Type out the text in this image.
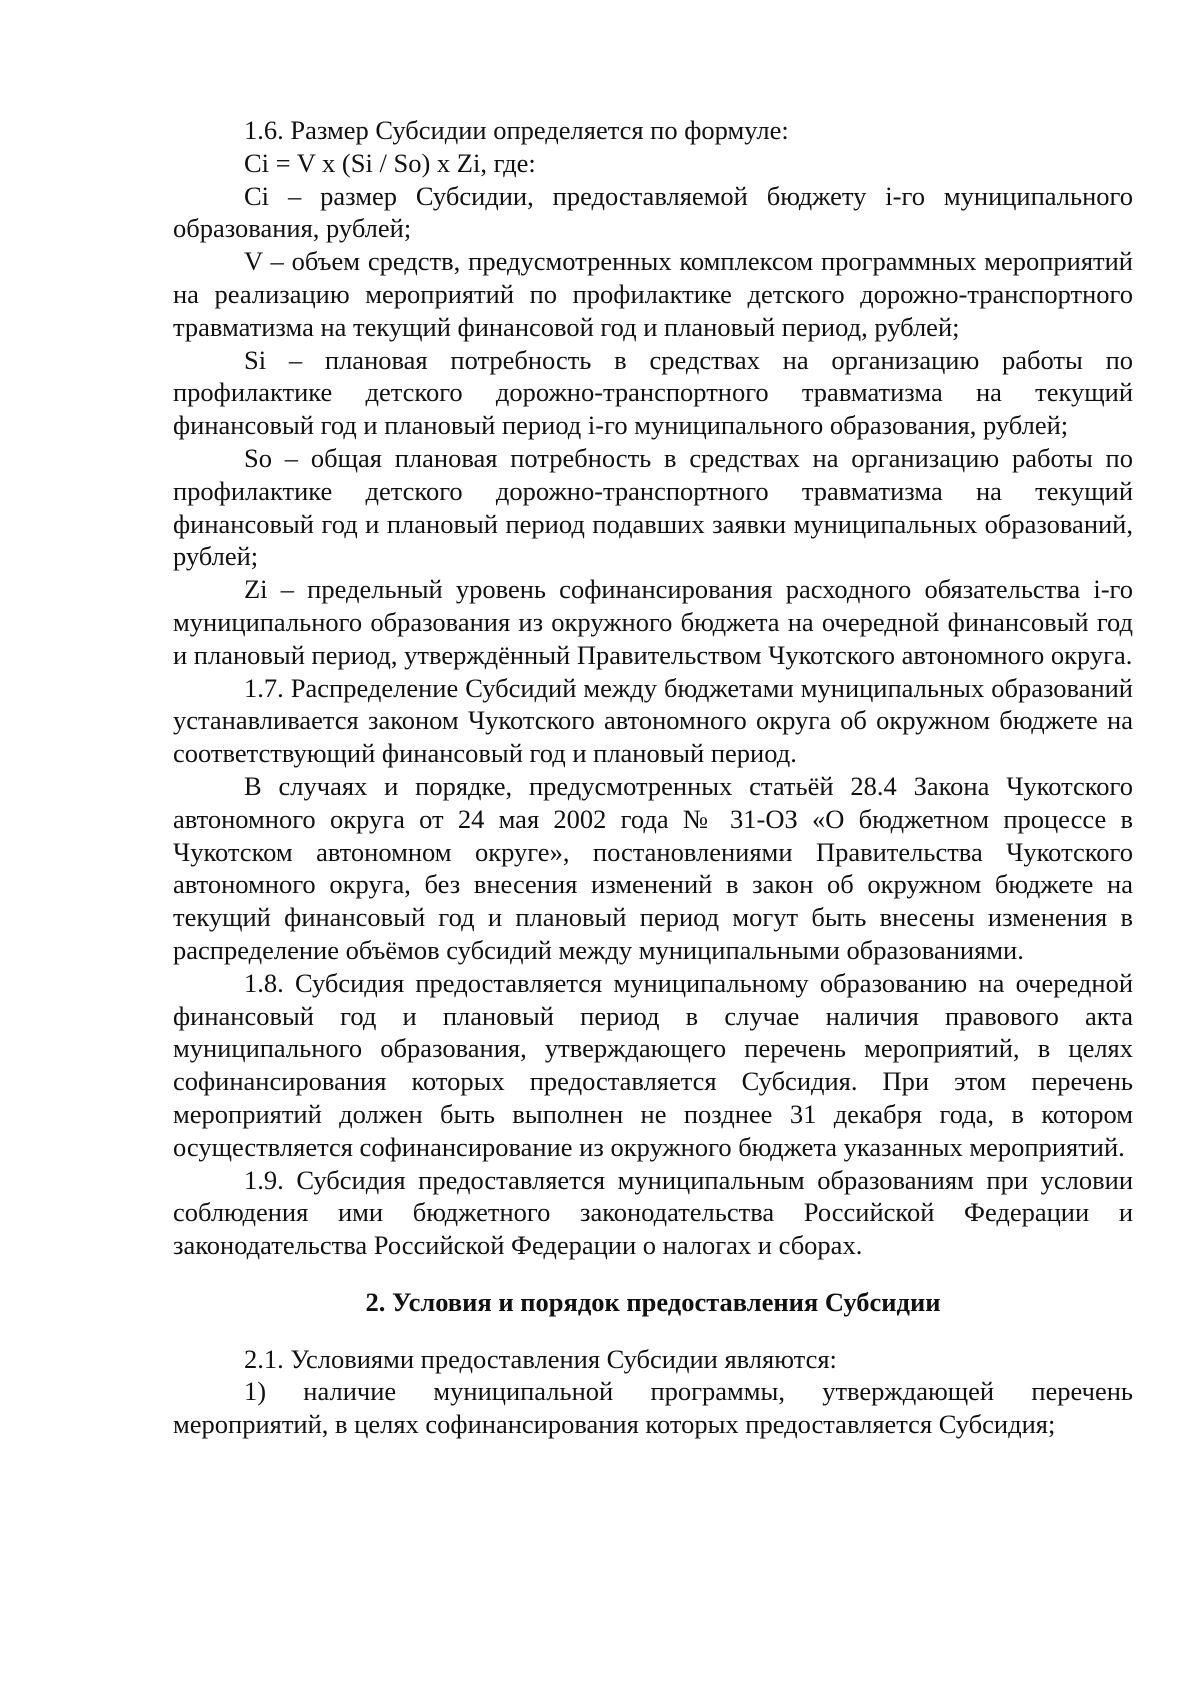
1.6. Размер Субсидии определяется по формуле:

Ci = V x (Si / So) x Zi, где:

Ci – размер Субсидии, предоставляемой бюджету i-го муниципального образования, рублей;

V – объем средств, предусмотренных комплексом программных мероприятий на реализацию мероприятий по профилактике детского дорожно-транспортного травматизма на текущий финансовой год и плановый период, рублей;

Si – плановая потребность в средствах на организацию работы по профилактике детского дорожно-транспортного травматизма на текущий финансовый год и плановый период i-го муниципального образования, рублей;

So – общая плановая потребность в средствах на организацию работы по профилактике детского дорожно-транспортного травматизма на текущий финансовый год и плановый период подавших заявки муниципальных образований, рублей;

Zi – предельный уровень софинансирования расходного обязательства i-го муниципального образования из окружного бюджета на очередной финансовый год и плановый период, утверждённый Правительством Чукотского автономного округа.

1.7. Распределение Субсидий между бюджетами муниципальных образований устанавливается законом Чукотского автономного округа об окружном бюджете на соответствующий финансовый год и плановый период.

В случаях и порядке, предусмотренных статьёй 28.4 Закона Чукотского автономного округа от 24 мая 2002 года № 31-ОЗ «О бюджетном процессе в Чукотском автономном округе», постановлениями Правительства Чукотского автономного округа, без внесения изменений в закон об окружном бюджете на текущий финансовый год и плановый период могут быть внесены изменения в распределение объёмов субсидий между муниципальными образованиями.

1.8. Субсидия предоставляется муниципальному образованию на очередной финансовый год и плановый период в случае наличия правового акта муниципального образования, утверждающего перечень мероприятий, в целях софинансирования которых предоставляется Субсидия. При этом перечень мероприятий должен быть выполнен не позднее 31 декабря года, в котором осуществляется софинансирование из окружного бюджета указанных мероприятий.

1.9. Субсидия предоставляется муниципальным образованиям при условии соблюдения ими бюджетного законодательства Российской Федерации и законодательства Российской Федерации о налогах и сборах.

2. Условия и порядок предоставления Субсидии

2.1. Условиями предоставления Субсидии являются:

1) наличие муниципальной программы, утверждающей перечень мероприятий, в целях софинансирования которых предоставляется Субсидия;
